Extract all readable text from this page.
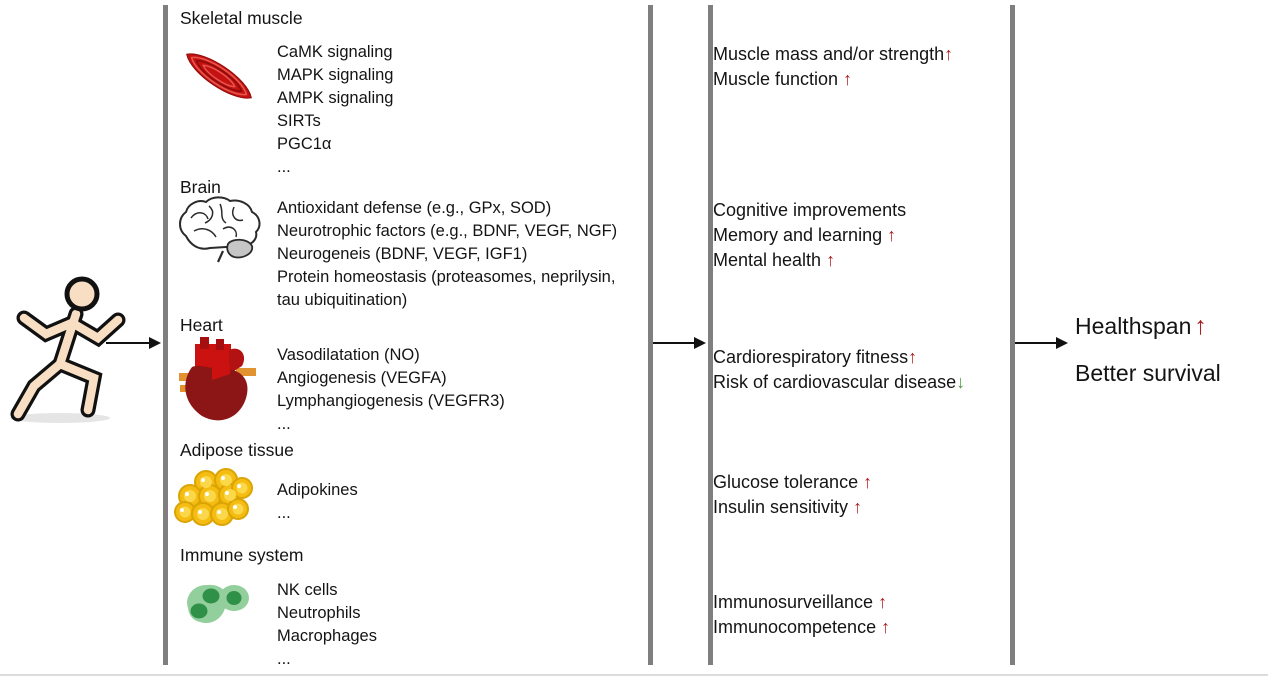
Skeletal muscle
Brain
Heart
Adipose tissue
Immune system
CaMK signaling
MAPK signaling
AMPK signaling
SIRTs
PGC1α
...
Antioxidant defense (e.g., GPx, SOD)
Neurotrophic factors (e.g., BDNF, VEGF, NGF)
Neurogeneis (BDNF, VEGF, IGF1)
Protein homeostasis (proteasomes, neprilysin,
tau ubiquitination)
Vasodilatation (NO)
Angiogenesis (VEGFA)
Lymphangiogenesis (VEGFR3)
...
Adipokines
...
NK cells
Neutrophils
Macrophages
...
Muscle mass and/or strength↑
Muscle function ↑
Cognitive improvements
Memory and learning ↑
Mental health ↑
Cardiorespiratory fitness↑
Risk of cardiovascular disease↓
Glucose tolerance ↑
Insulin sensitivity ↑
Immunosurveillance ↑
Immunocompetence ↑
Healthspan ↑
Better survival
